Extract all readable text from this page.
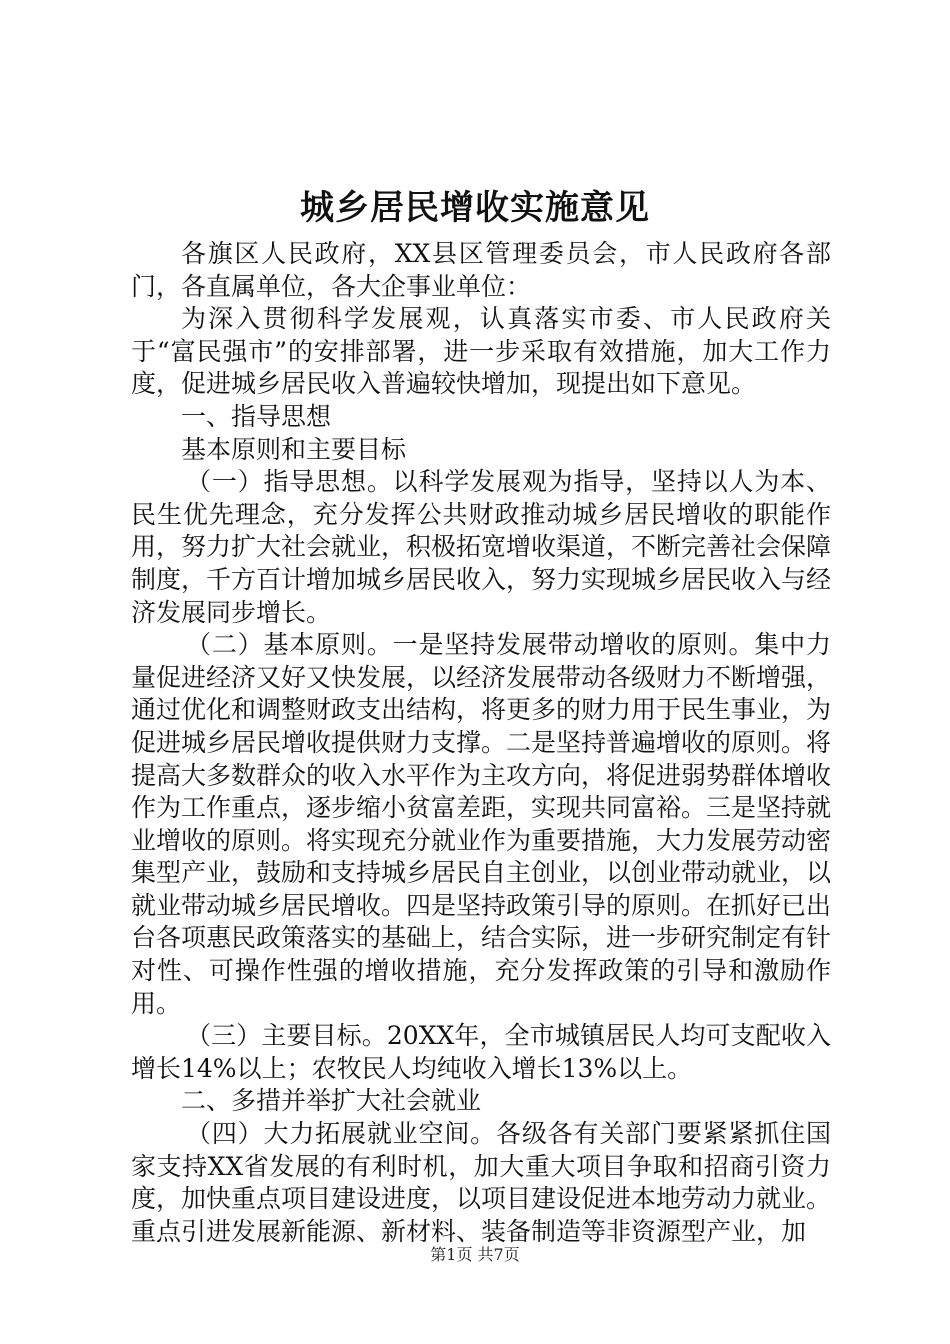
城乡居民增收实施意见

各旗区人民政府，XX县区管理委员会，市人民政府各部门，各直属单位，各大企事业单位：

为深入贯彻科学发展观，认真落实市委、市人民政府关于“富民强市”的安排部署，进一步采取有效措施，加大工作力度，促进城乡居民收入普遍较快增加，现提出如下意见。

一、指导思想

基本原则和主要目标

（一）指导思想。以科学发展观为指导，坚持以人为本、民生优先理念，充分发挥公共财政推动城乡居民增收的职能作用，努力扩大社会就业，积极拓宽增收渠道，不断完善社会保障制度，千方百计增加城乡居民收入，努力实现城乡居民收入与经济发展同步增长。

（二）基本原则。一是坚持发展带动增收的原则。集中力量促进经济又好又快发展，以经济发展带动各级财力不断增强，通过优化和调整财政支出结构，将更多的财力用于民生事业，为促进城乡居民增收提供财力支撑。二是坚持普遍增收的原则。将提高大多数群众的收入水平作为主攻方向，将促进弱势群体增收作为工作重点，逐步缩小贫富差距，实现共同富裕。三是坚持就业增收的原则。将实现充分就业作为重要措施，大力发展劳动密集型产业，鼓励和支持城乡居民自主创业，以创业带动就业，以就业带动城乡居民增收。四是坚持政策引导的原则。在抓好已出台各项惠民政策落实的基础上，结合实际，进一步研究制定有针对性、可操作性强的增收措施，充分发挥政策的引导和激励作用。

（三）主要目标。20XX年，全市城镇居民人均可支配收入增长14%以上；农牧民人均纯收入增长13%以上。

二、多措并举扩大社会就业

（四）大力拓展就业空间。各级各有关部门要紧紧抓住国家支持XX省发展的有利时机，加大重大项目争取和招商引资力度，加快重点项目建设进度，以项目建设促进本地劳动力就业。重点引进发展新能源、新材料、装备制造等非资源型产业，加

第1页 共7页
